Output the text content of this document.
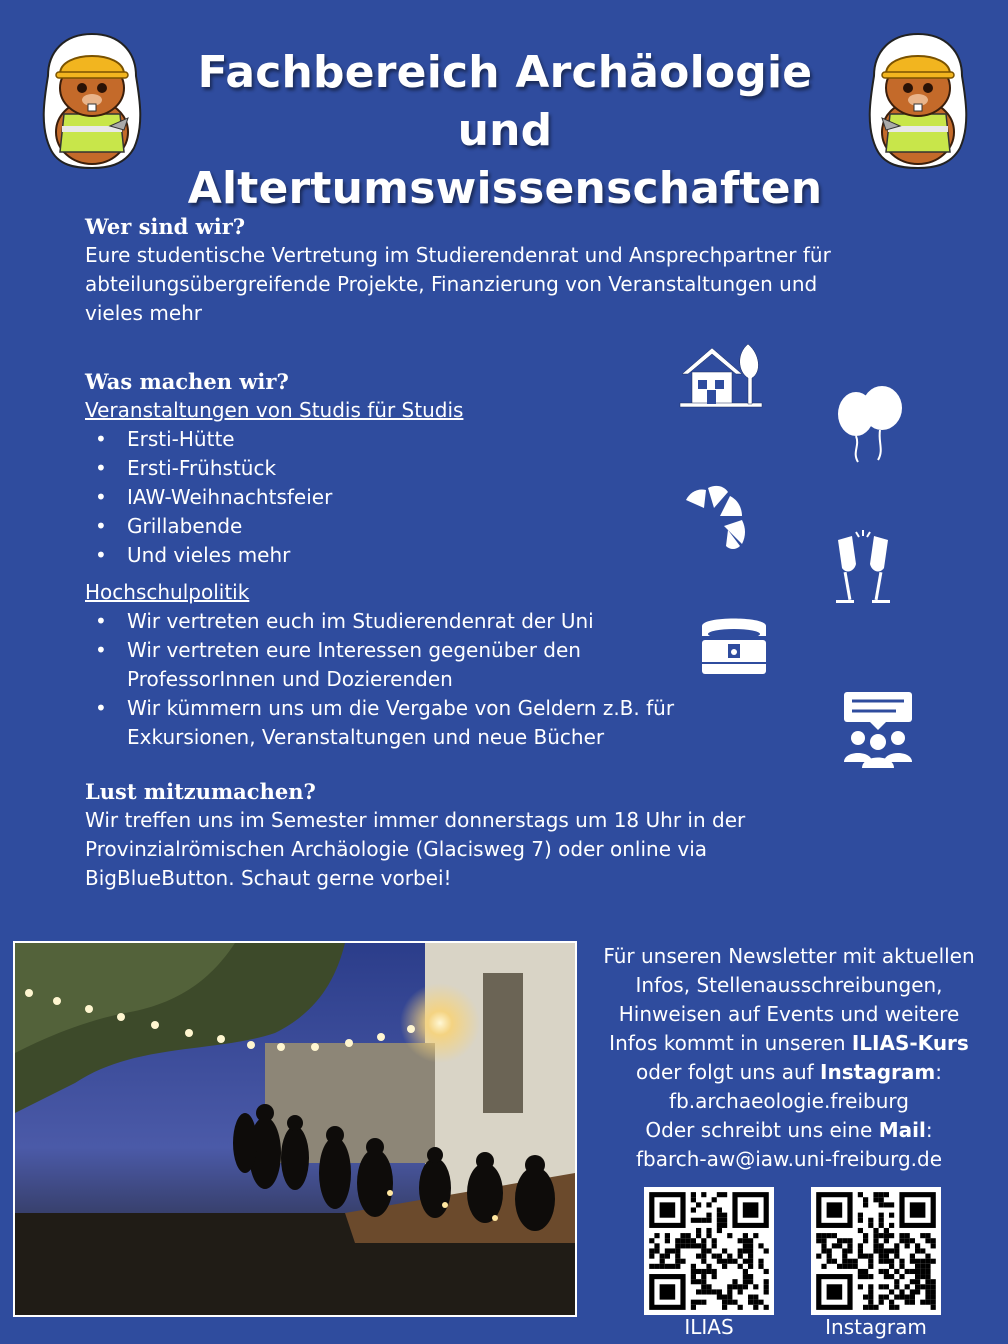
Fachbereich Archäologie und
Altertumswissenschaften
Wer sind wir?
Eure studentische Vertretung im Studierendenrat und Ansprechpartner für abteilungsübergreifende Projekte, Finanzierung von Veranstaltungen und vieles mehr
Was machen wir?
Veranstaltungen von Studis für Studis
• Ersti-Hütte
• Ersti-Frühstück
• IAW-Weihnachtsfeier
• Grillabende
• Und vieles mehr
Hochschulpolitik
• Wir vertreten euch im Studierendenrat der Uni
• Wir vertreten eure Interessen gegenüber den ProfessorInnen und Dozierenden
• Wir kümmern uns um die Vergabe von Geldern z.B. für Exkursionen, Veranstaltungen und neue Bücher
Lust mitzumachen?
Wir treffen uns im Semester immer donnerstags um 18 Uhr in der Provinzialrömischen Archäologie (Glacisweg 7) oder online via BigBlueButton. Schaut gerne vorbei!
Für unseren Newsletter mit aktuellen
Infos, Stellenausschreibungen,
Hinweisen auf Events und weitere
Infos kommt in unseren ILIAS-Kurs
oder folgt uns auf Instagram:
fb.archaeologie.freiburg
Oder schreibt uns eine Mail:
fbarch-aw@iaw.uni-freiburg.de
ILIAS	Instagram
